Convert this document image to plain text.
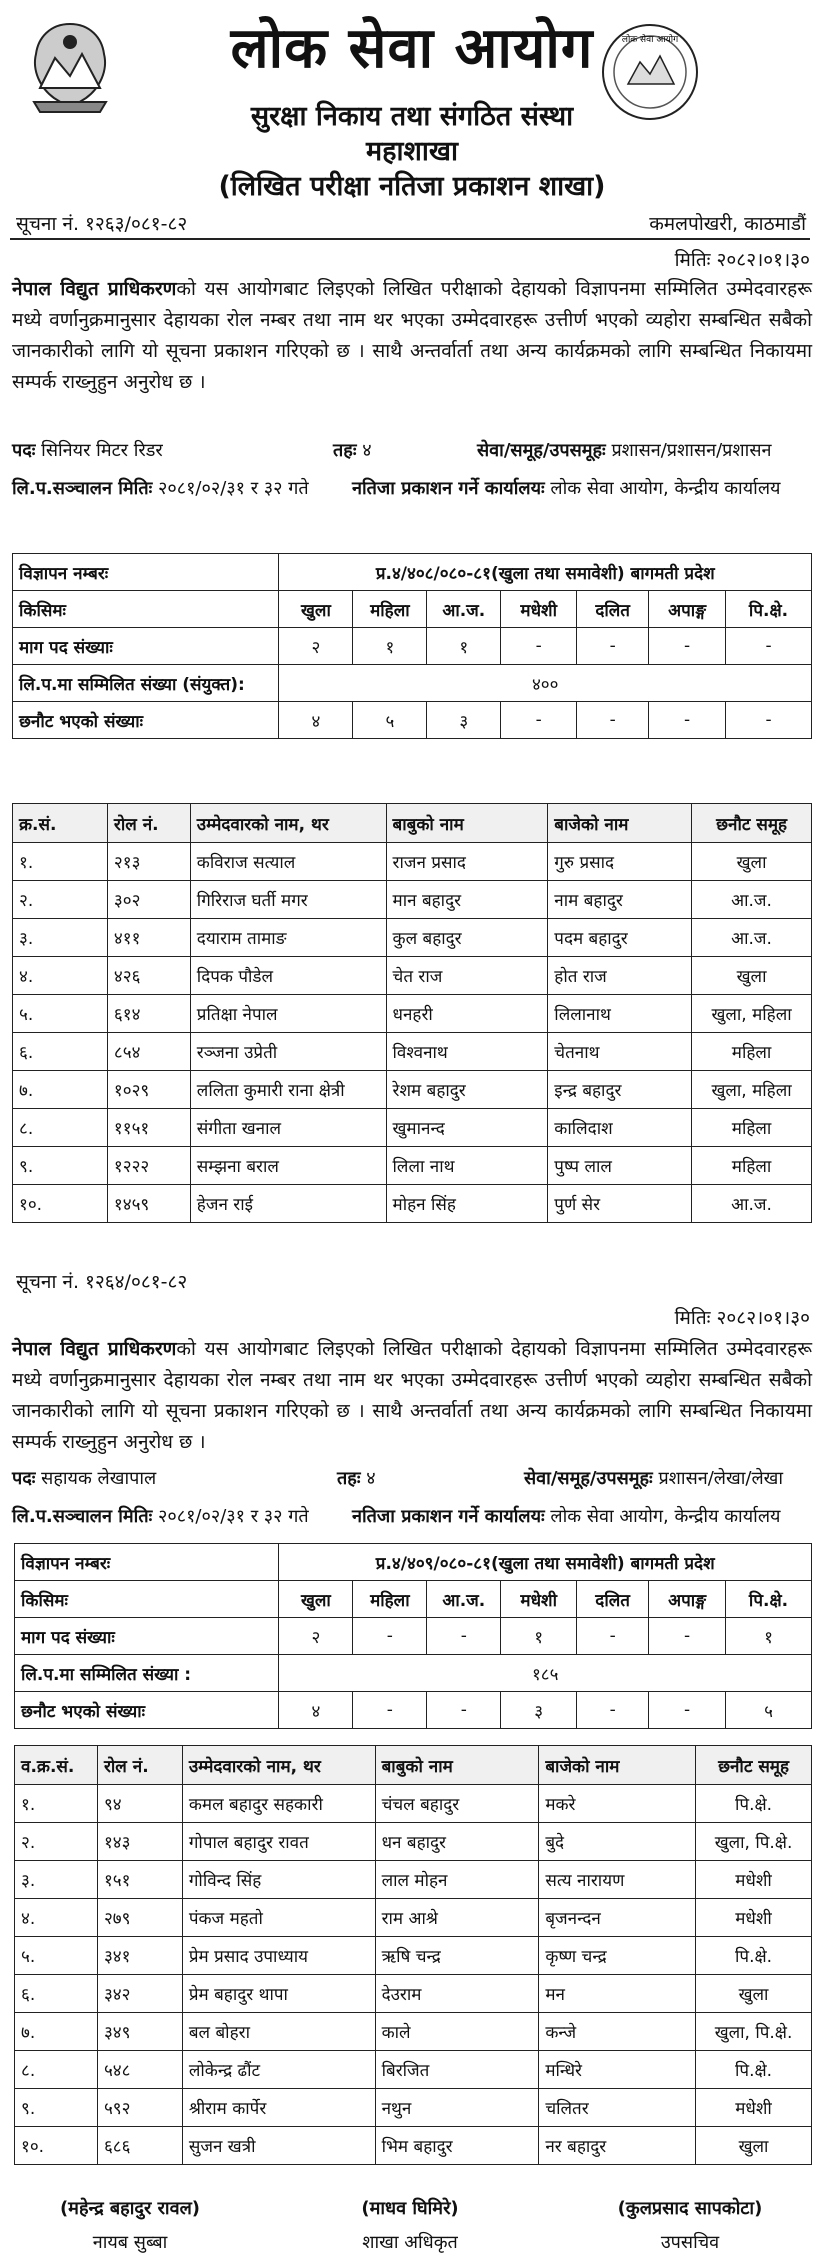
लोक सेवा आयोग	लोक सेवा आयोग
सुरक्षा निकाय तथा संगठित संस्था
महाशाखा
(लिखित परीक्षा नतिजा प्रकाशन शाखा)
सूचना नं. १२६३/०८१-८२	कमलपोखरी, काठमाडौं
मितिः २०८२।०१।३०
नेपाल विद्युत प्राधिकरणको यस आयोगबाट लिइएको लिखित परीक्षाको देहायको विज्ञापनमा सम्मिलित उम्मेदवारहरू मध्ये वर्णानुक्रमानुसार देहायका रोल नम्बर तथा नाम थर भएका उम्मेदवारहरू उत्तीर्ण भएको व्यहोरा सम्बन्धित सबैको जानकारीको लागि यो सूचना प्रकाशन गरिएको छ । साथै अन्तर्वार्ता तथा अन्य कार्यक्रमको लागि सम्बन्धित निकायमा सम्पर्क राख्नुहुन अनुरोध छ ।
पदः सिनियर मिटर रिडर	तहः ४	सेवा/समूह/उपसमूहः प्रशासन/प्रशासन/प्रशासन
लि.प.सञ्चालन मितिः २०८१/०२/३१ र ३२ गते नतिजा प्रकाशन गर्ने कार्यालयः लोक सेवा आयोग, केन्द्रीय कार्यालय
विज्ञापन नम्बरः	प्र.४/४०८/०८०-८१(खुला तथा समावेशी) बागमती प्रदेश						
किसिमः	खुला	महिला	आ.ज.	मधेशी	दलित	अपाङ्ग	पि.क्षे.
माग पद संख्याः	२	१	१	-	-	-	-
लि.प.मा सम्मिलित संख्या (संयुक्त):	४००						
छनौट भएको संख्याः	४	५	३	-	-	-	-
क्र.सं.	रोल नं.	उम्मेदवारको नाम, थर	बाबुको नाम	बाजेको नाम	छनौट समूह
१.	२१३	कविराज सत्याल	राजन प्रसाद	गुरु प्रसाद	खुला
२.	३०२	गिरिराज घर्ती मगर	मान बहादुर	नाम बहादुर	आ.ज.
३.	४११	दयाराम तामाङ	कुल बहादुर	पदम बहादुर	आ.ज.
४.	४२६	दिपक पौडेल	चेत राज	होत राज	खुला
५.	६१४	प्रतिक्षा नेपाल	धनहरी	लिलानाथ	खुला, महिला
६.	८५४	रञ्जना उप्रेती	विश्वनाथ	चेतनाथ	महिला
७.	१०२९	ललिता कुमारी राना क्षेत्री	रेशम बहादुर	इन्द्र बहादुर	खुला, महिला
८.	११५१	संगीता खनाल	खुमानन्द	कालिदाश	महिला
९.	१२२२	सम्झना बराल	लिला नाथ	पुष्प लाल	महिला
१०.	१४५९	हेजन राई	मोहन सिंह	पुर्ण सेर	आ.ज.
सूचना नं. १२६४/०८१-८२
मितिः २०८२।०१।३०
नेपाल विद्युत प्राधिकरणको यस आयोगबाट लिइएको लिखित परीक्षाको देहायको विज्ञापनमा सम्मिलित उम्मेदवारहरू मध्ये वर्णानुक्रमानुसार देहायका रोल नम्बर तथा नाम थर भएका उम्मेदवारहरू उत्तीर्ण भएको व्यहोरा सम्बन्धित सबैको जानकारीको लागि यो सूचना प्रकाशन गरिएको छ । साथै अन्तर्वार्ता तथा अन्य कार्यक्रमको लागि सम्बन्धित निकायमा सम्पर्क राख्नुहुन अनुरोध छ ।
पदः सहायक लेखापाल	तहः ४	सेवा/समूह/उपसमूहः प्रशासन/लेखा/लेखा
लि.प.सञ्चालन मितिः २०८१/०२/३१ र ३२ गते नतिजा प्रकाशन गर्ने कार्यालयः लोक सेवा आयोग, केन्द्रीय कार्यालय
विज्ञापन नम्बरः	प्र.४/४०९/०८०-८१(खुला तथा समावेशी) बागमती प्रदेश						
किसिमः	खुला	महिला	आ.ज.	मधेशी	दलित	अपाङ्ग	पि.क्षे.
माग पद संख्याः	२	-	-	१	-	-	१
लि.प.मा सम्मिलित संख्या :	१८५						
छनौट भएको संख्याः	४	-	-	३	-	-	५
व.क्र.सं.	रोल नं.	उम्मेदवारको नाम, थर	बाबुको नाम	बाजेको नाम	छनौट समूह
१.	९४	कमल बहादुर सहकारी	चंचल बहादुर	मकरे	पि.क्षे.
२.	१४३	गोपाल बहादुर रावत	धन बहादुर	बुदे	खुला, पि.क्षे.
३.	१५१	गोविन्द सिंह	लाल मोहन	सत्य नारायण	मधेशी
४.	२७९	पंकज महतो	राम आश्रे	बृजनन्दन	मधेशी
५.	३४१	प्रेम प्रसाद उपाध्याय	ऋषि चन्द्र	कृष्ण चन्द्र	पि.क्षे.
६.	३४२	प्रेम बहादुर थापा	देउराम	मन	खुला
७.	३४९	बल बोहरा	काले	कन्जे	खुला, पि.क्षे.
८.	५४८	लोकेन्द्र ढौंट	बिरजित	मन्धिरे	पि.क्षे.
९.	५९२	श्रीराम कार्पेर	नथुन	चलितर	मधेशी
१०.	६८६	सुजन खत्री	भिम बहादुर	नर बहादुर	खुला
(महेन्द्र बहादुर रावल)
नायब सुब्बा
(माधव घिमिरे)
शाखा अधिकृत
(कुलप्रसाद सापकोटा)
उपसचिव
